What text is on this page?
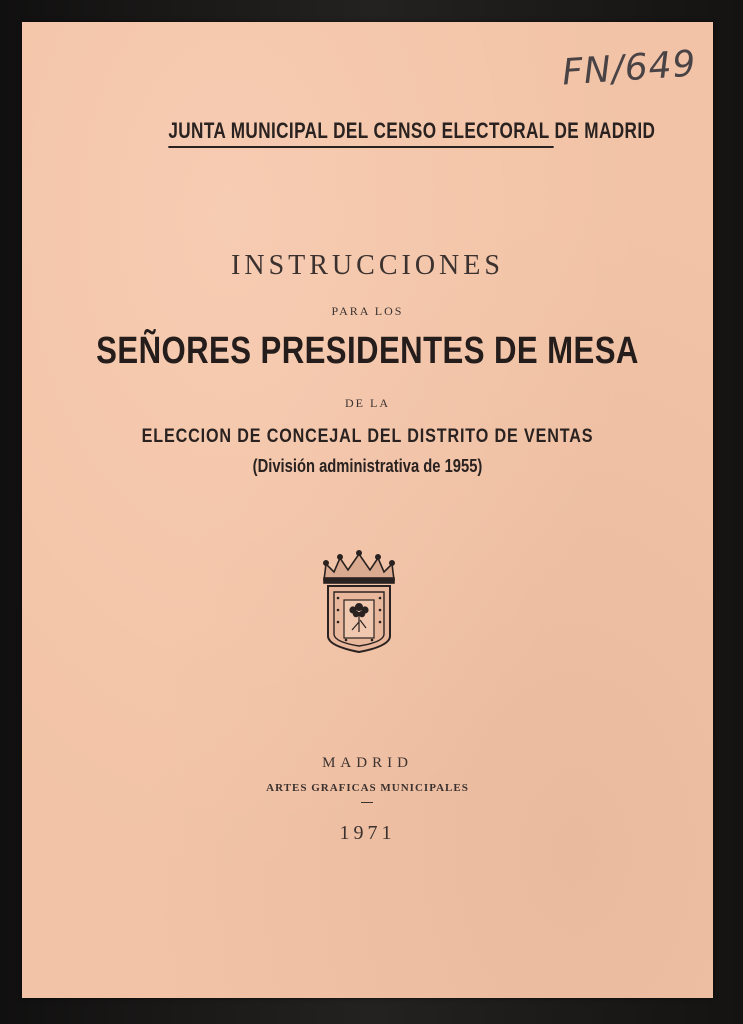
FN/649
JUNTA MUNICIPAL DEL CENSO ELECTORAL DE MADRID
INSTRUCCIONES
PARA LOS
SEÑORES PRESIDENTES DE MESA
DE LA
ELECCION DE CONCEJAL DEL DISTRITO DE VENTAS
(División administrativa de 1955)
MADRID
ARTES GRAFICAS MUNICIPALES
1971
